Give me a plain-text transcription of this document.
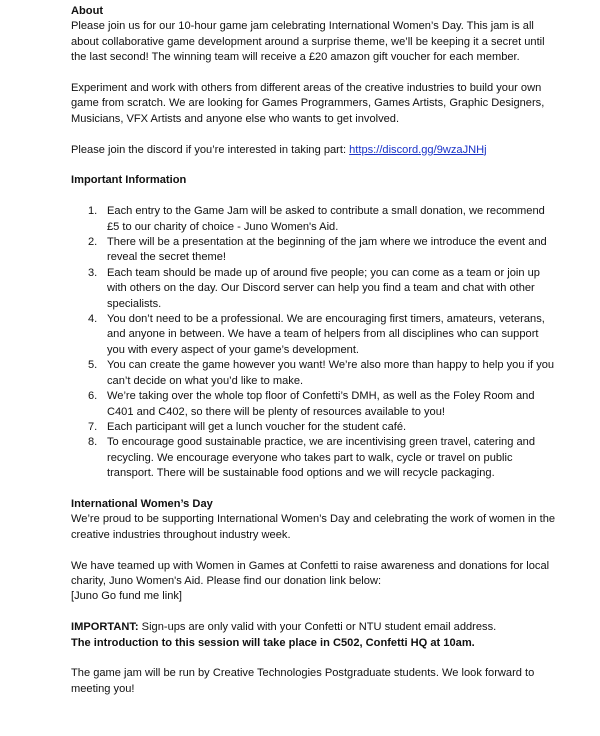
About

Please join us for our 10-hour game jam celebrating International Women’s Day. This jam is all about collaborative game development around a surprise theme, we’ll be keeping it a secret until the last second! The winning team will receive a £20 amazon gift voucher for each member.

Experiment and work with others from different areas of the creative industries to build your own game from scratch. We are looking for Games Programmers, Games Artists, Graphic Designers, Musicians, VFX Artists and anyone else who wants to get involved.

Please join the discord if you’re interested in taking part: https://discord.gg/9wzaJNHj

Important Information

1. Each entry to the Game Jam will be asked to contribute a small donation, we recommend £5 to our charity of choice - Juno Women's Aid.
2. There will be a presentation at the beginning of the jam where we introduce the event and reveal the secret theme!
3. Each team should be made up of around five people; you can come as a team or join up with others on the day. Our Discord server can help you find a team and chat with other specialists.
4. You don’t need to be a professional. We are encouraging first timers, amateurs, veterans, and anyone in between. We have a team of helpers from all disciplines who can support you with every aspect of your game’s development.
5. You can create the game however you want! We’re also more than happy to help you if you can’t decide on what you’d like to make.
6. We’re taking over the whole top floor of Confetti’s DMH, as well as the Foley Room and C401 and C402, so there will be plenty of resources available to you!
7. Each participant will get a lunch voucher for the student café.
8. To encourage good sustainable practice, we are incentivising green travel, catering and recycling. We encourage everyone who takes part to walk, cycle or travel on public transport. There will be sustainable food options and we will recycle packaging.

International Women’s Day

We’re proud to be supporting International Women’s Day and celebrating the work of women in the creative industries throughout industry week.

We have teamed up with Women in Games at Confetti to raise awareness and donations for local charity, Juno Women's Aid. Please find our donation link below:

[Juno Go fund me link]

IMPORTANT: Sign-ups are only valid with your Confetti or NTU student email address.

The introduction to this session will take place in C502, Confetti HQ at 10am.

The game jam will be run by Creative Technologies Postgraduate students. We look forward to meeting you!
